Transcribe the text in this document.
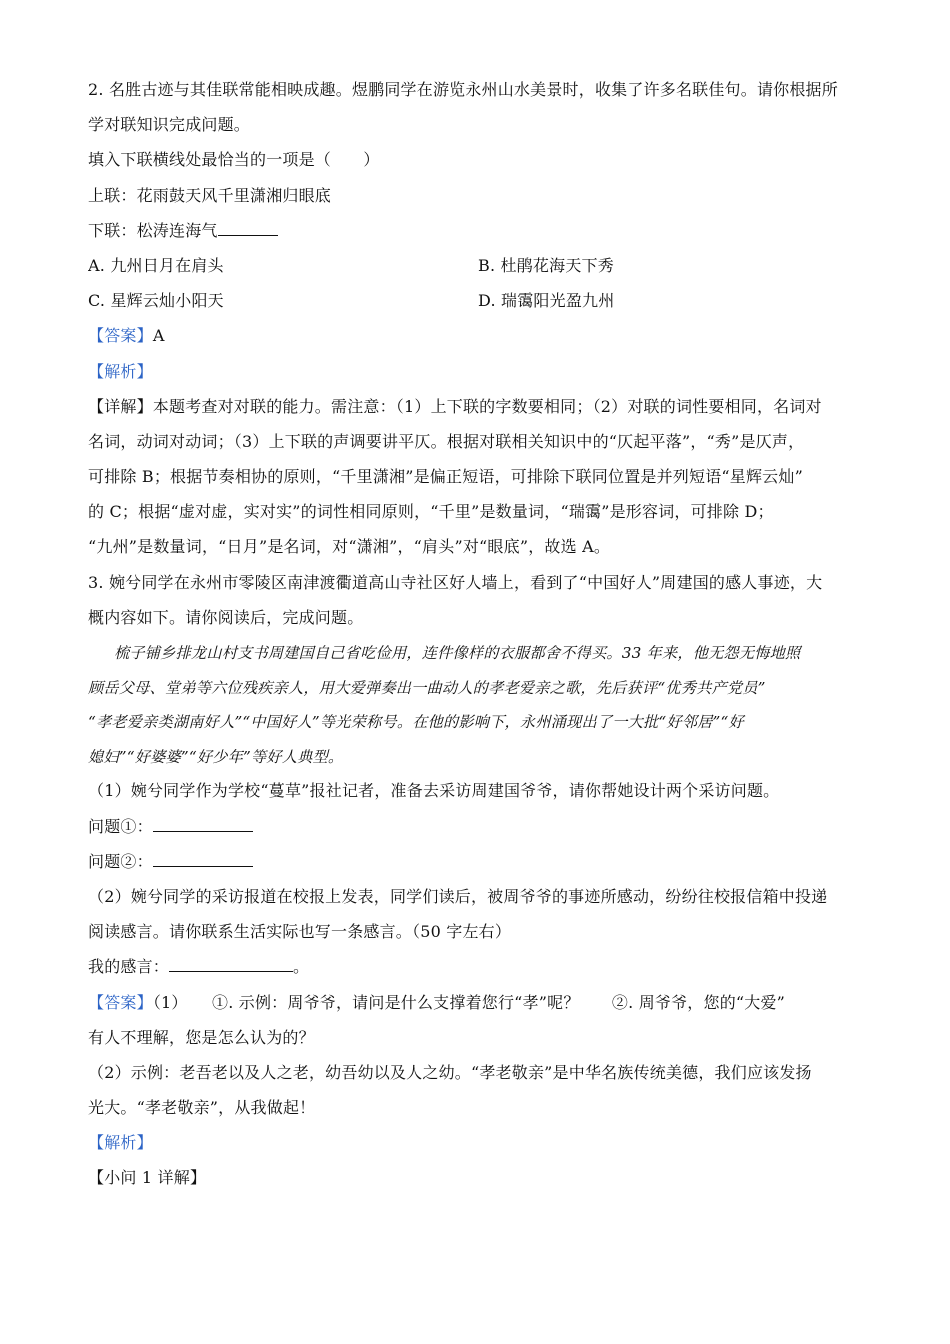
2. 名胜古迹与其佳联常能相映成趣。煜鹏同学在游览永州山水美景时，收集了许多名联佳句。请你根据所
学对联知识完成问题。
填入下联横线处最恰当的一项是（　　）
上联：花雨鼓天风千里潇湘归眼底
下联：松涛连海气
A. 九州日月在肩头	B. 杜鹃花海天下秀
C. 星辉云灿小阳天	D. 瑞霭阳光盈九州
【答案】A
【解析】
【详解】本题考查对对联的能力。需注意：（1）上下联的字数要相同；（2）对联的词性要相同，名词对
名词，动词对动词；（3）上下联的声调要讲平仄。根据对联相关知识中的“仄起平落”，“秀”是仄声，
可排除 B；根据节奏相协的原则，“千里潇湘”是偏正短语，可排除下联同位置是并列短语“星辉云灿”
的 C；根据“虚对虚，实对实”的词性相同原则，“千里”是数量词，“瑞霭”是形容词，可排除 D；
“九州”是数量词，“日月”是名词，对“潇湘”，“肩头”对“眼底”，故选 A。
3. 婉兮同学在永州市零陵区南津渡衢道高山寺社区好人墙上，看到了“中国好人”周建国的感人事迹，大
概内容如下。请你阅读后，完成问题。
梳子铺乡排龙山村支书周建国自己省吃俭用，连件像样的衣服都舍不得买。33 年来，他无怨无悔地照
顾岳父母、堂弟等六位残疾亲人，用大爱弹奏出一曲动人的孝老爱亲之歌，先后获评“优秀共产党员”
“孝老爱亲类湖南好人”“中国好人”等光荣称号。在他的影响下，永州涌现出了一大批“好邻居”“好
媳妇”“好婆婆”“好少年”等好人典型。
（1）婉兮同学作为学校“蔓草”报社记者，准备去采访周建国爷爷，请你帮她设计两个采访问题。
问题①：
问题②：
（2）婉兮同学的采访报道在校报上发表，同学们读后，被周爷爷的事迹所感动，纷纷往校报信箱中投递
阅读感言。请你联系生活实际也写一条感言。（50 字左右）
我的感言：	。
【答案】（1）　　①. 示例：周爷爷，请问是什么支撑着您行“孝”呢？　　②. 周爷爷，您的“大爱”
有人不理解，您是怎么认为的？
（2）示例：老吾老以及人之老，幼吾幼以及人之幼。“孝老敬亲”是中华名族传统美德，我们应该发扬
光大。“孝老敬亲”，从我做起！
【解析】
【小问 1 详解】
